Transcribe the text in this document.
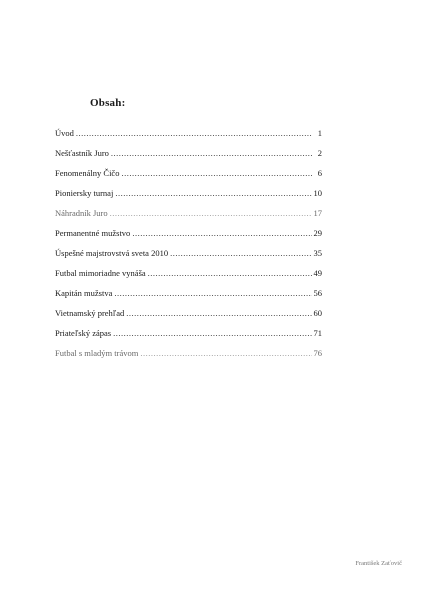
Obsah:
Úvod .....	1
Nešťastník Juro .....	2
Fenomenálny Čičo .....	6
Pioniersky turnaj .....	10
Náhradník Juro .....	17
Permanentné mužstvo .....	29
Úspešné majstrovstvá sveta 2010 .....	35
Futbal mimoriadne vynáša .....	49
Kapitán mužstva .....	56
Vietnamský prehľad .....	60
Priateľský zápas .....	71
Futbal s mladým trávom .....	76
František Zaťovič
